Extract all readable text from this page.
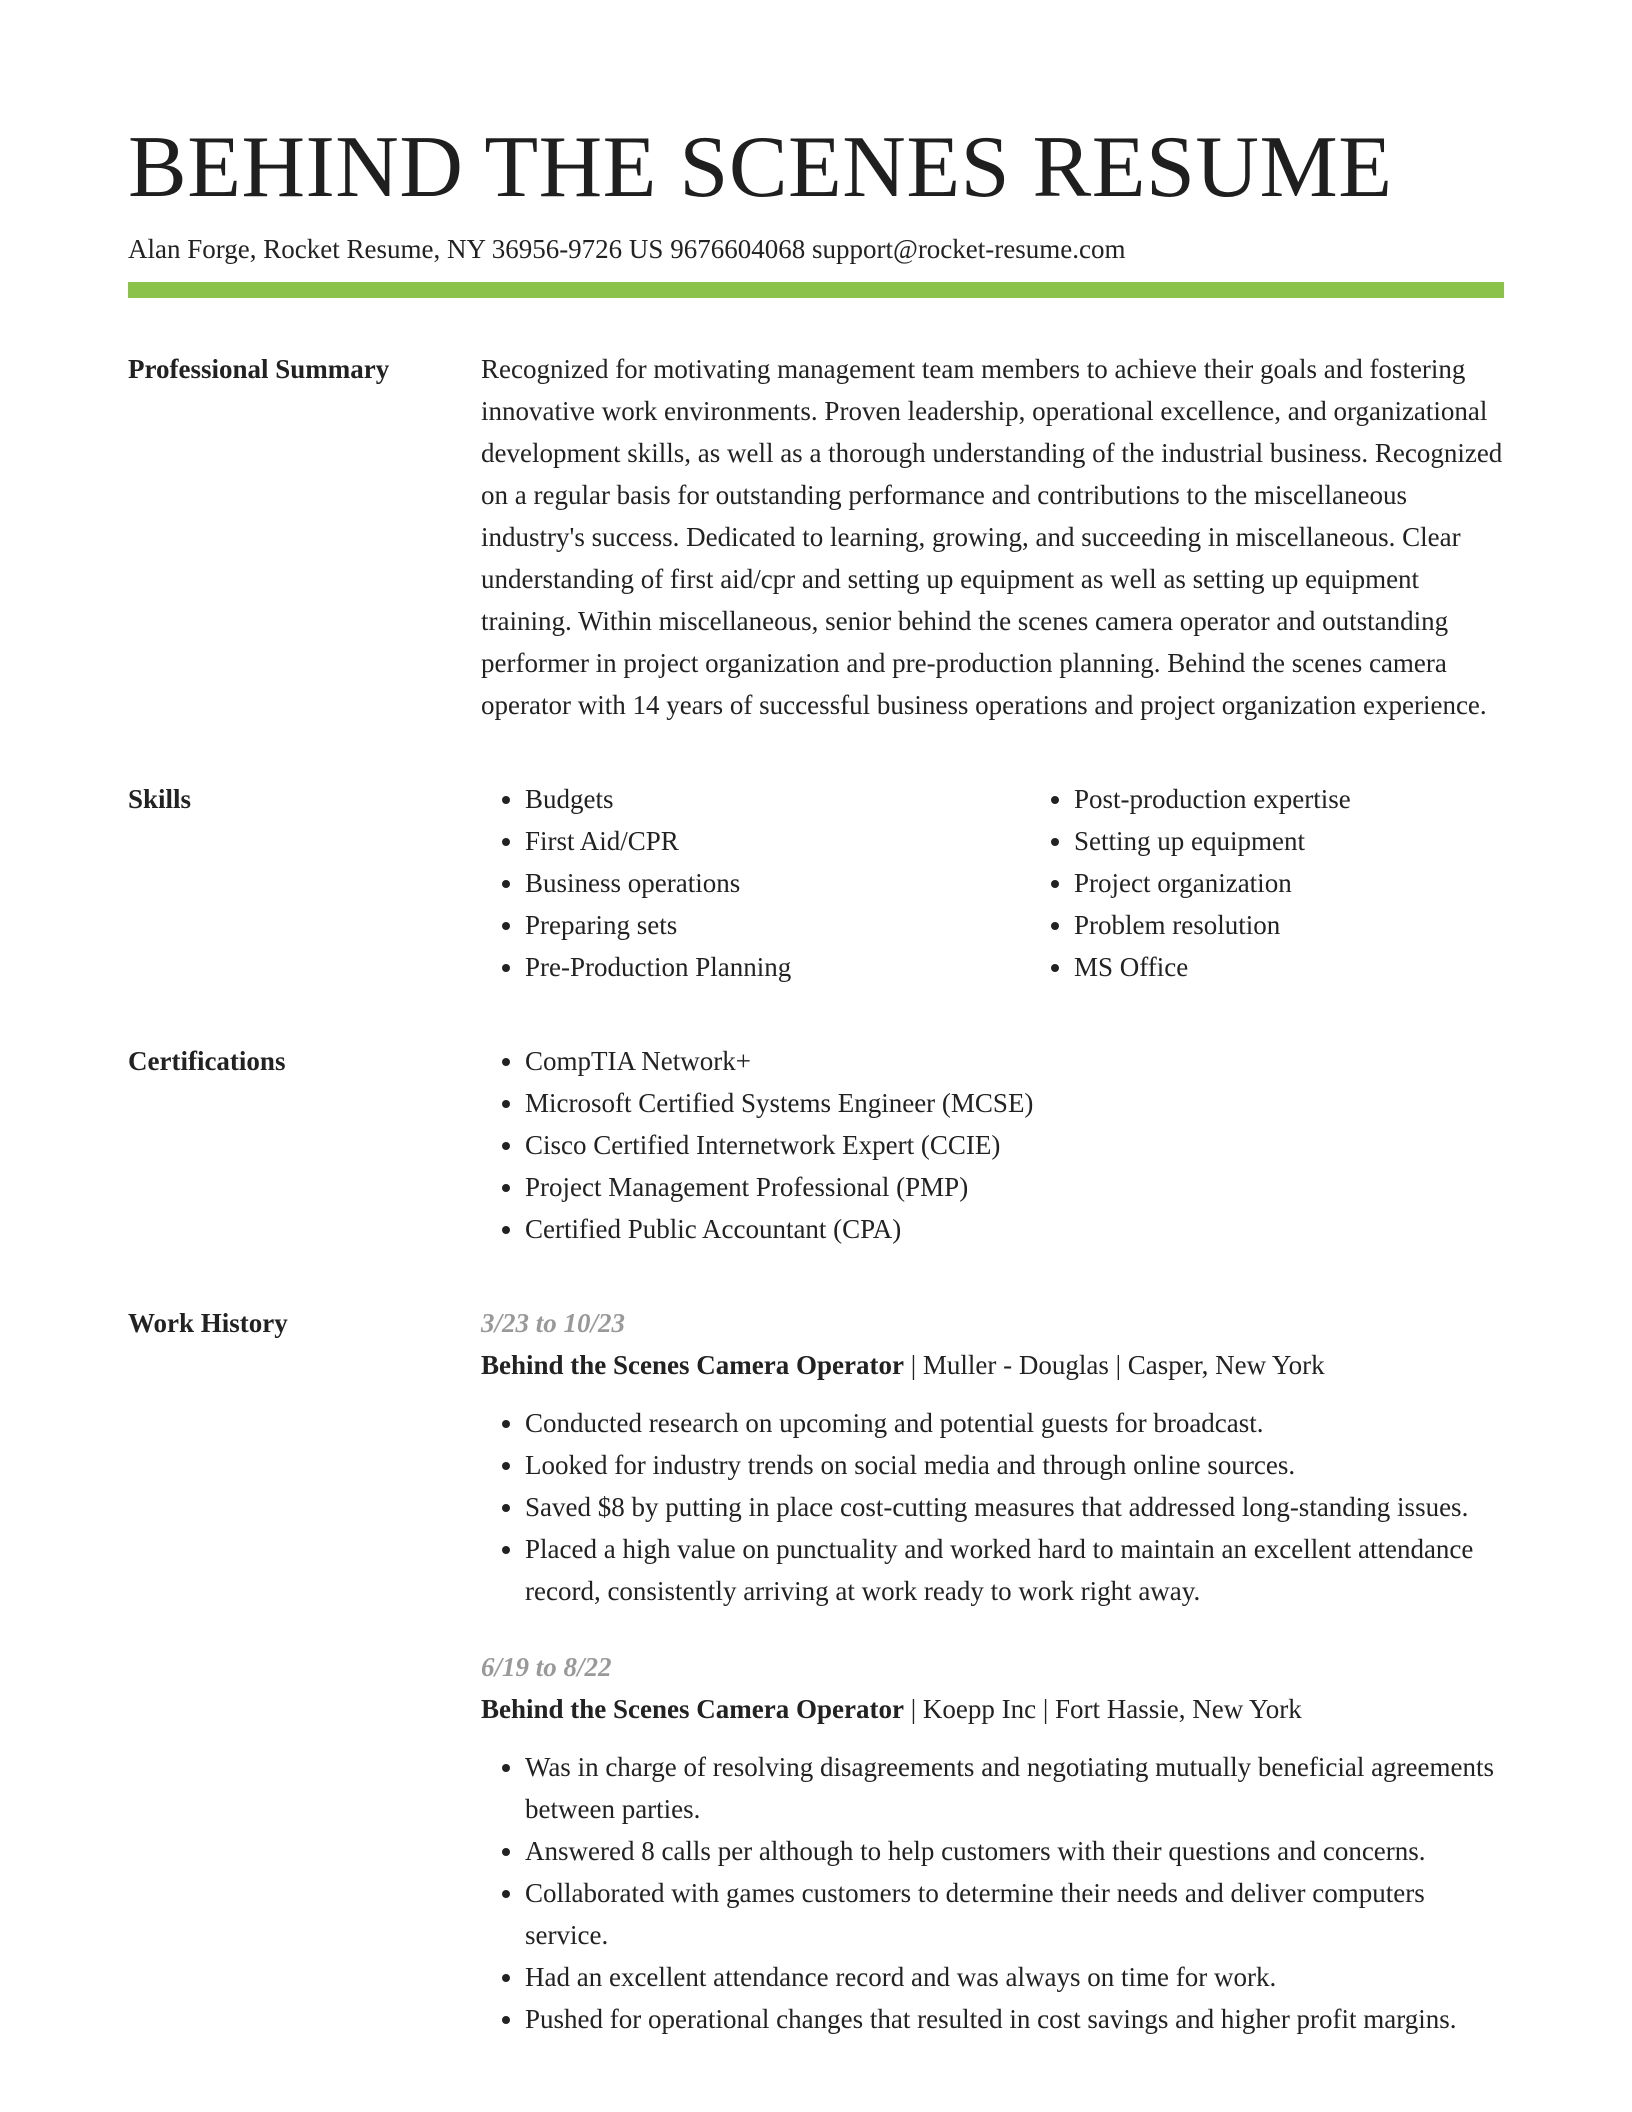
BEHIND THE SCENES RESUME
Alan Forge, Rocket Resume, NY 36956-9726 US 9676604068 support@rocket-resume.com
Professional Summary	Recognized for motivating management team members to achieve their goals and fostering innovative work environments. Proven leadership, operational excellence, and organizational development skills, as well as a thorough understanding of the industrial business. Recognized on a regular basis for outstanding performance and contributions to the miscellaneous industry's success. Dedicated to learning, growing, and succeeding in miscellaneous. Clear understanding of first aid/cpr and setting up equipment as well as setting up equipment training. Within miscellaneous, senior behind the scenes camera operator and outstanding performer in project organization and pre-production planning. Behind the scenes camera operator with 14 years of successful business operations and project organization experience.

Skills	• Budgets
• First Aid/CPR
• Business operations
• Preparing sets
• Pre-Production Planning
• Post-production expertise
• Setting up equipment
• Project organization
• Problem resolution
• MS Office
Certifications	• CompTIA Network+
• Microsoft Certified Systems Engineer (MCSE)
• Cisco Certified Internetwork Expert (CCIE)
• Project Management Professional (PMP)
• Certified Public Accountant (CPA)
Work History	3/23 to 10/23
Behind the Scenes Camera Operator | Muller - Douglas | Casper, New York
• Conducted research on upcoming and potential guests for broadcast.
• Looked for industry trends on social media and through online sources.
• Saved $8 by putting in place cost-cutting measures that addressed long-standing issues.
• Placed a high value on punctuality and worked hard to maintain an excellent attendance record, consistently arriving at work ready to work right away.
6/19 to 8/22
Behind the Scenes Camera Operator | Koepp Inc | Fort Hassie, New York
• Was in charge of resolving disagreements and negotiating mutually beneficial agreements between parties.
• Answered 8 calls per although to help customers with their questions and concerns.
• Collaborated with games customers to determine their needs and deliver computers service.
• Had an excellent attendance record and was always on time for work.
• Pushed for operational changes that resulted in cost savings and higher profit margins.
